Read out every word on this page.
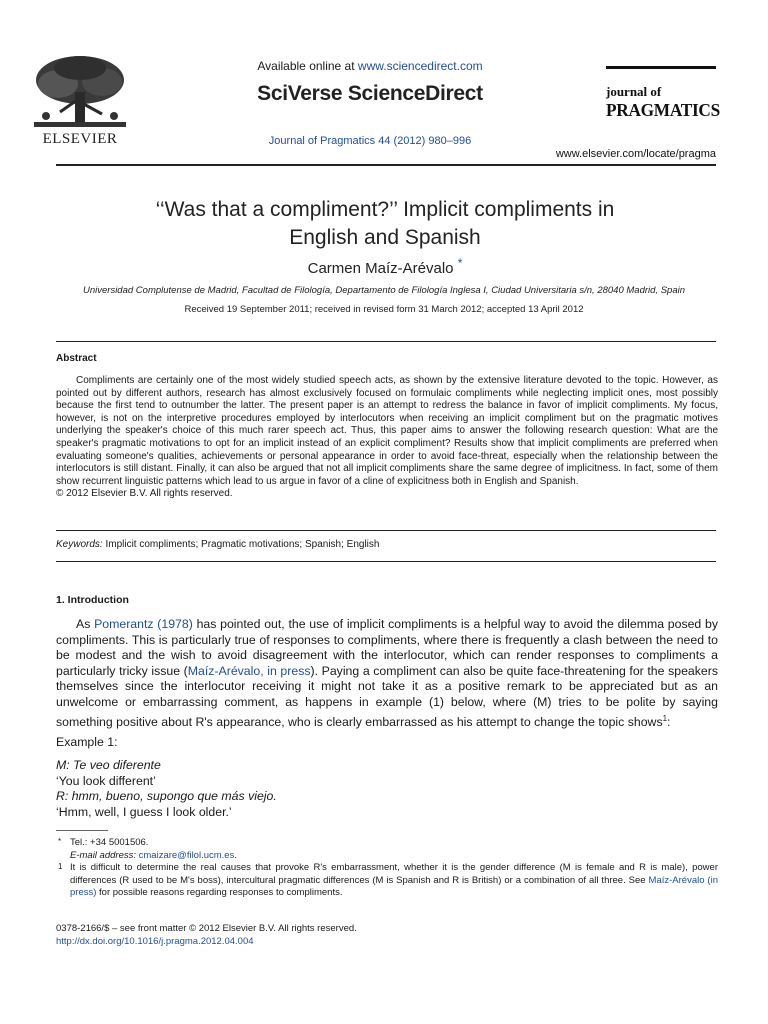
ELSEVIER
Available online at www.sciencedirect.com
SciVerse ScienceDirect
Journal of Pragmatics 44 (2012) 980–996
journal of
PRAGMATICS
www.elsevier.com/locate/pragma
‘‘Was that a compliment?’’ Implicit compliments in
English and Spanish
Carmen Maíz-Arévalo *
Universidad Complutense de Madrid, Facultad de Filología, Departamento de Filología Inglesa I, Ciudad Universitaria s/n, 28040 Madrid, Spain
Received 19 September 2011; received in revised form 31 March 2012; accepted 13 April 2012
Abstract
Compliments are certainly one of the most widely studied speech acts, as shown by the extensive literature devoted to the topic. However, as pointed out by different authors, research has almost exclusively focused on formulaic compliments while neglecting implicit ones, most possibly because the first tend to outnumber the latter. The present paper is an attempt to redress the balance in favor of implicit compliments. My focus, however, is not on the interpretive procedures employed by interlocutors when receiving an implicit compliment but on the pragmatic motives underlying the speaker's choice of this much rarer speech act. Thus, this paper aims to answer the following research question: What are the speaker's pragmatic motivations to opt for an implicit instead of an explicit compliment? Results show that implicit compliments are preferred when evaluating someone's qualities, achievements or personal appearance in order to avoid face-threat, especially when the relationship between the interlocutors is still distant. Finally, it can also be argued that not all implicit compliments share the same degree of implicitness. In fact, some of them show recurrent linguistic patterns which lead to us argue in favor of a cline of explicitness both in English and Spanish.
© 2012 Elsevier B.V. All rights reserved.
Keywords: Implicit compliments; Pragmatic motivations; Spanish; English
1. Introduction
As Pomerantz (1978) has pointed out, the use of implicit compliments is a helpful way to avoid the dilemma posed by compliments. This is particularly true of responses to compliments, where there is frequently a clash between the need to be modest and the wish to avoid disagreement with the interlocutor, which can render responses to compliments a particularly tricky issue (Maíz-Arévalo, in press). Paying a compliment can also be quite face-threatening for the speakers themselves since the interlocutor receiving it might not take it as a positive remark to be appreciated but as an unwelcome or embarrassing comment, as happens in example (1) below, where (M) tries to be polite by saying something positive about R's appearance, who is clearly embarrassed as his attempt to change the topic shows$^1$:
Example 1:
M: Te veo diferente
‘You look different’
R: hmm, bueno, supongo que más viejo.
‘Hmm, well, I guess I look older.’
* Tel.: +34 5001506.
E-mail address: cmaizare@filol.ucm.es.
1 It is difficult to determine the real causes that provoke R's embarrassment, whether it is the gender difference (M is female and R is male), power differences (R used to be M's boss), intercultural pragmatic differences (M is Spanish and R is British) or a combination of all three. See Maíz-Arévalo (in press) for possible reasons regarding responses to compliments.
0378-2166/$ – see front matter © 2012 Elsevier B.V. All rights reserved.
http://dx.doi.org/10.1016/j.pragma.2012.04.004
